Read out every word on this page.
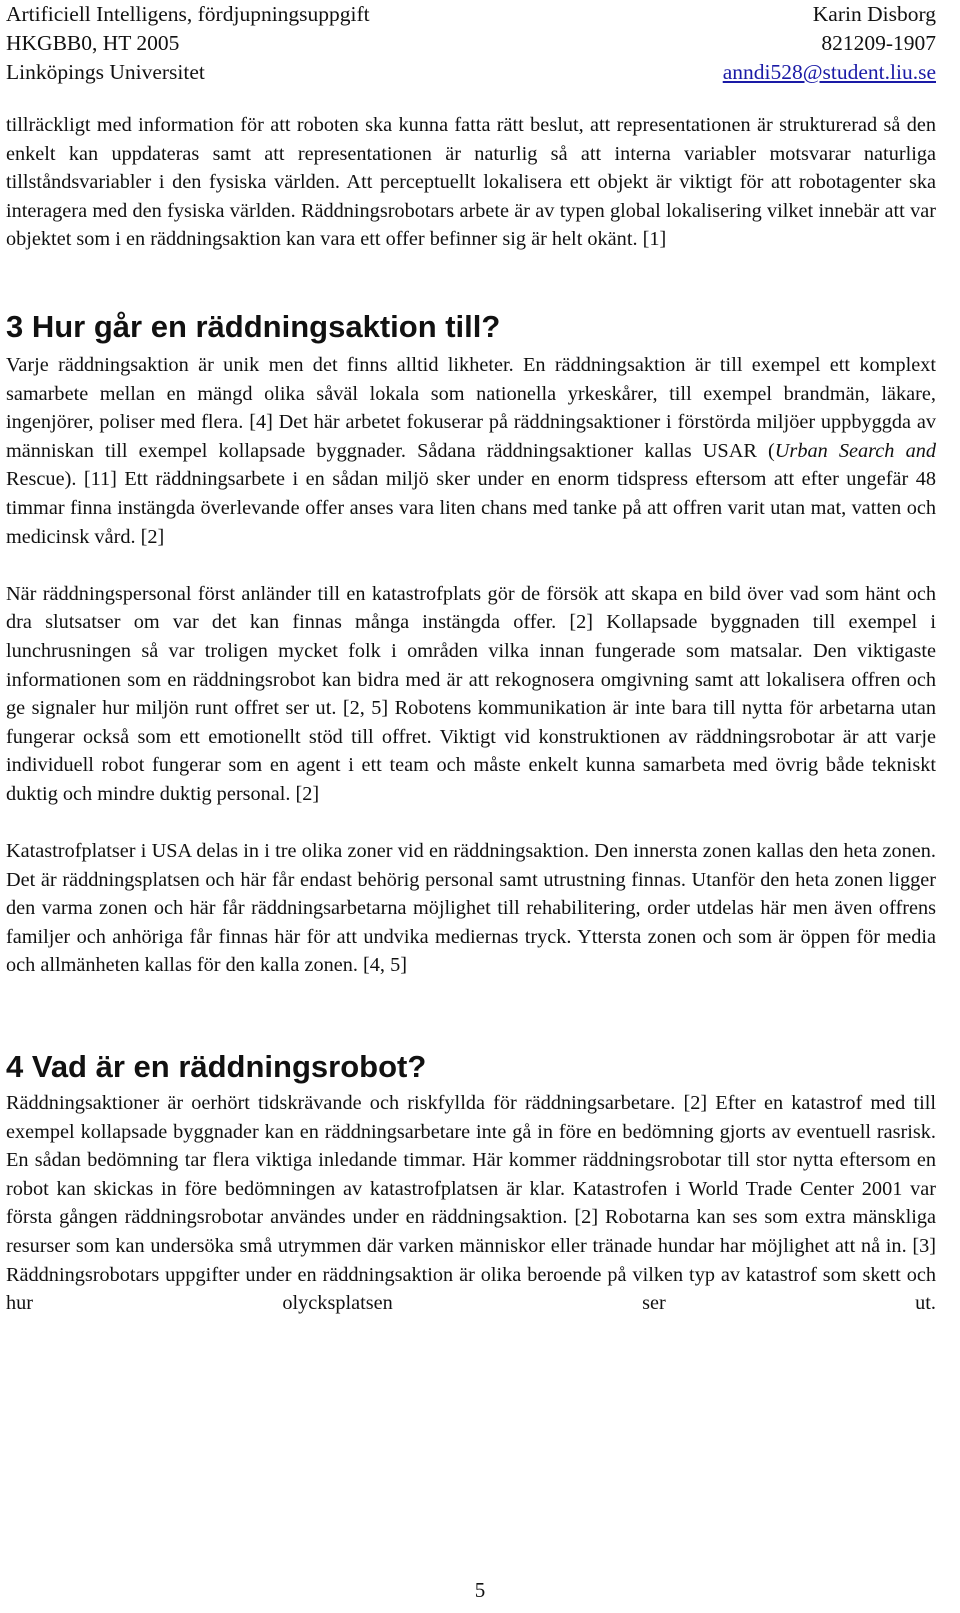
Artificiell Intelligens, fördjupningsuppgift	Karin Disborg
HKGBB0, HT 2005	821209-1907
Linköpings Universitet	anndi528@student.liu.se

tillräckligt med information för att roboten ska kunna fatta rätt beslut, att representationen är strukturerad så den enkelt kan uppdateras samt att representationen är naturlig så att interna variabler motsvarar naturliga tillståndsvariabler i den fysiska världen. Att perceptuellt lokalisera ett objekt är viktigt för att robotagenter ska interagera med den fysiska världen. Räddningsrobotars arbete är av typen global lokalisering vilket innebär att var objektet som i en räddningsaktion kan vara ett offer befinner sig är helt okänt. [1]

3 Hur går en räddningsaktion till?

Varje räddningsaktion är unik men det finns alltid likheter. En räddningsaktion är till exempel ett komplext samarbete mellan en mängd olika såväl lokala som nationella yrkeskårer, till exempel brandmän, läkare, ingenjörer, poliser med flera. [4] Det här arbetet fokuserar på räddningsaktioner i förstörda miljöer uppbyggda av människan till exempel kollapsade byggnader. Sådana räddningsaktioner kallas USAR (Urban Search and Rescue). [11] Ett räddningsarbete i en sådan miljö sker under en enorm tidspress eftersom att efter ungefär 48 timmar finna instängda överlevande offer anses vara liten chans med tanke på att offren varit utan mat, vatten och medicinsk vård. [2]

När räddningspersonal först anländer till en katastrofplats gör de försök att skapa en bild över vad som hänt och dra slutsatser om var det kan finnas många instängda offer. [2] Kollapsade byggnaden till exempel i lunchrusningen så var troligen mycket folk i områden vilka innan fungerade som matsalar. Den viktigaste informationen som en räddningsrobot kan bidra med är att rekognosera omgivning samt att lokalisera offren och ge signaler hur miljön runt offret ser ut. [2, 5] Robotens kommunikation är inte bara till nytta för arbetarna utan fungerar också som ett emotionellt stöd till offret. Viktigt vid konstruktionen av räddningsrobotar är att varje individuell robot fungerar som en agent i ett team och måste enkelt kunna samarbeta med övrig både tekniskt duktig och mindre duktig personal. [2]

Katastrofplatser i USA delas in i tre olika zoner vid en räddningsaktion. Den innersta zonen kallas den heta zonen. Det är räddningsplatsen och här får endast behörig personal samt utrustning finnas. Utanför den heta zonen ligger den varma zonen och här får räddningsarbetarna möjlighet till rehabilitering, order utdelas här men även offrens familjer och anhöriga får finnas här för att undvika mediernas tryck. Yttersta zonen och som är öppen för media och allmänheten kallas för den kalla zonen. [4, 5]

4 Vad är en räddningsrobot?

Räddningsaktioner är oerhört tidskrävande och riskfyllda för räddningsarbetare. [2] Efter en katastrof med till exempel kollapsade byggnader kan en räddningsarbetare inte gå in före en bedömning gjorts av eventuell rasrisk. En sådan bedömning tar flera viktiga inledande timmar. Här kommer räddningsrobotar till stor nytta eftersom en robot kan skickas in före bedömningen av katastrofplatsen är klar. Katastrofen i World Trade Center 2001 var första gången räddningsrobotar användes under en räddningsaktion. [2] Robotarna kan ses som extra mänskliga resurser som kan undersöka små utrymmen där varken människor eller tränade hundar har möjlighet att nå in. [3] Räddningsrobotars uppgifter under en räddningsaktion är olika beroende på vilken typ av katastrof som skett och hur olycksplatsen ser ut.

5
